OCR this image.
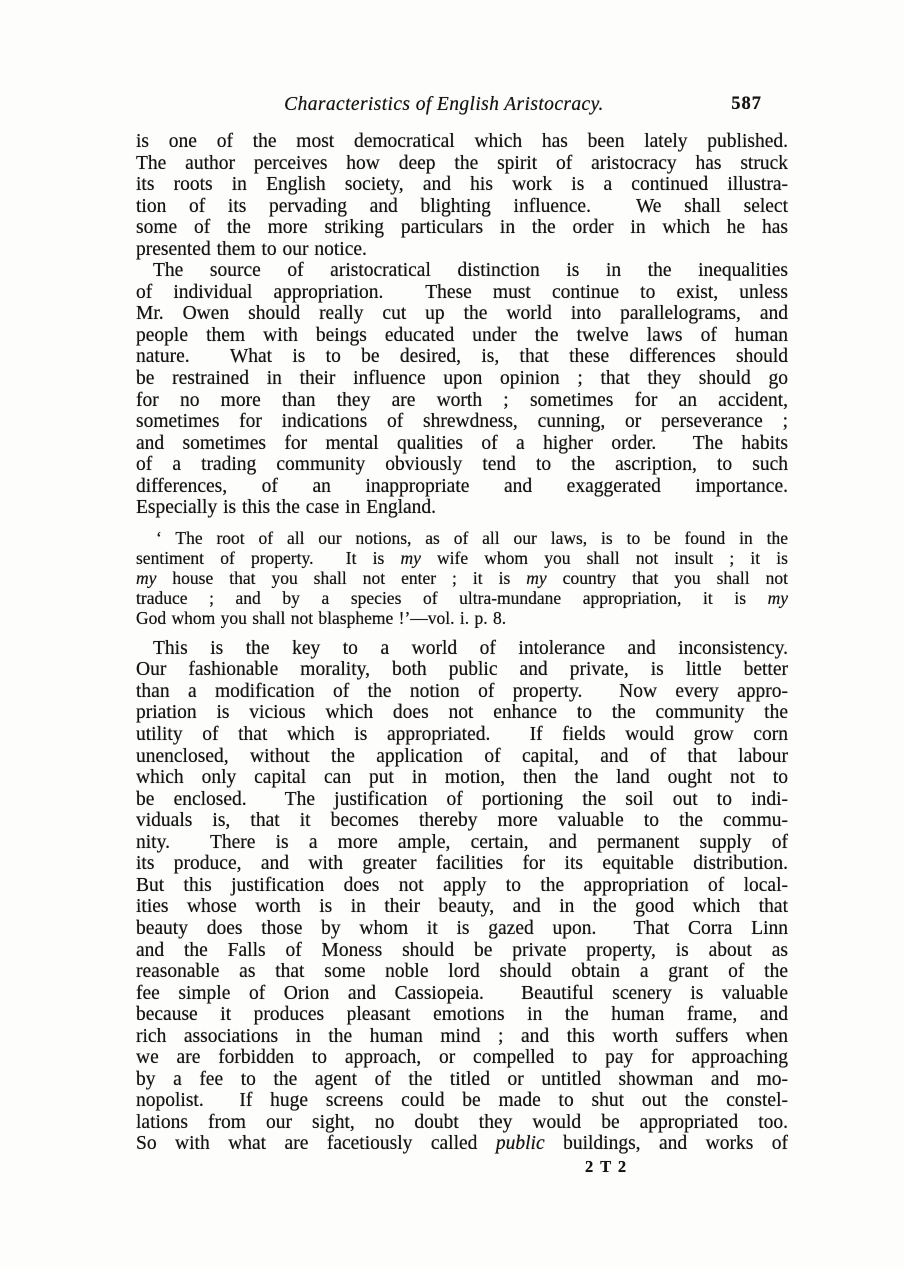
Characteristics of English Aristocracy.	587
is one of the most democratical which has been lately published.
The author perceives how deep the spirit of aristocracy has struck
its roots in English society, and his work is a continued illustra-
tion of its pervading and blighting influence.  We shall select
some of the more striking particulars in the order in which he has
presented them to our notice.
The source of aristocratical distinction is in the inequalities
of individual appropriation.  These must continue to exist, unless
Mr. Owen should really cut up the world into parallelograms, and
people them with beings educated under the twelve laws of human
nature.  What is to be desired, is, that these differences should
be restrained in their influence upon opinion ; that they should go
for no more than they are worth ; sometimes for an accident,
sometimes for indications of shrewdness, cunning, or perseverance ;
and sometimes for mental qualities of a higher order.  The habits
of a trading community obviously tend to the ascription, to such
differences, of an inappropriate and exaggerated importance.
Especially is this the case in England.
‘ The root of all our notions, as of all our laws, is to be found in the
sentiment of property.  It is my wife whom you shall not insult ; it is
my house that you shall not enter ; it is my country that you shall not
traduce ; and by a species of ultra-mundane appropriation, it is my
God whom you shall not blaspheme !’—vol. i. p. 8.
This is the key to a world of intolerance and inconsistency.
Our fashionable morality, both public and private, is little better
than a modification of the notion of property.  Now every appro-
priation is vicious which does not enhance to the community the
utility of that which is appropriated.  If fields would grow corn
unenclosed, without the application of capital, and of that labour
which only capital can put in motion, then the land ought not to
be enclosed.  The justification of portioning the soil out to indi-
viduals is, that it becomes thereby more valuable to the commu-
nity.  There is a more ample, certain, and permanent supply of
its produce, and with greater facilities for its equitable distribution.
But this justification does not apply to the appropriation of local-
ities whose worth is in their beauty, and in the good which that
beauty does those by whom it is gazed upon.  That Corra Linn
and the Falls of Moness should be private property, is about as
reasonable as that some noble lord should obtain a grant of the
fee simple of Orion and Cassiopeia.  Beautiful scenery is valuable
because it produces pleasant emotions in the human frame, and
rich associations in the human mind ; and this worth suffers when
we are forbidden to approach, or compelled to pay for approaching
by a fee to the agent of the titled or untitled showman and mo-
nopolist.  If huge screens could be made to shut out the constel-
lations from our sight, no doubt they would be appropriated too.
So with what are facetiously called public buildings, and works of
2 T 2
